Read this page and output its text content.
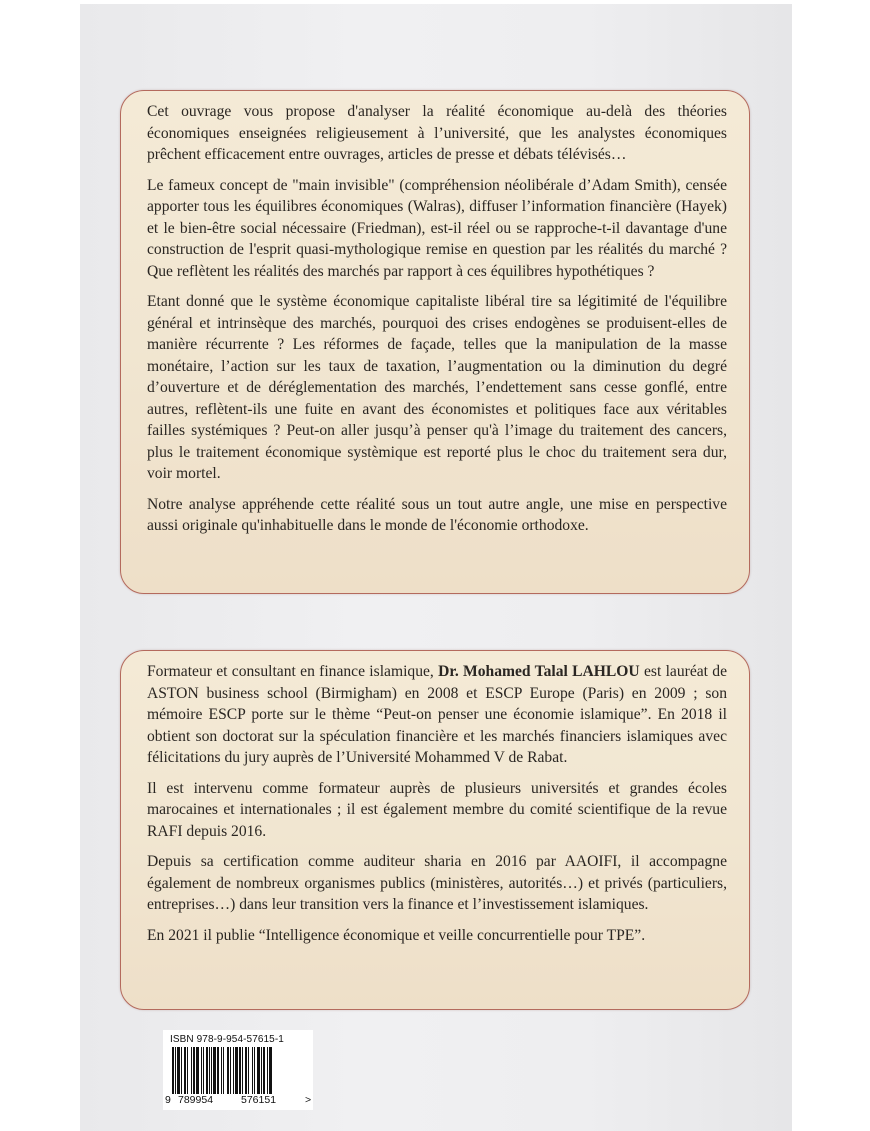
Cet ouvrage vous propose d'analyser la réalité économique au-delà des théories économiques enseignées religieusement à l’université, que les analystes économiques prêchent efficacement entre ouvrages, articles de presse et débats télévisés…

Le fameux concept de "main invisible" (compréhension néolibérale d’Adam Smith), censée apporter tous les équilibres économiques (Walras), diffuser l’information financière (Hayek) et le bien-être social nécessaire (Friedman), est-il réel ou se rapproche-t-il davantage d'une construction de l'esprit quasi-mythologique remise en question par les réalités du marché ? Que reflètent les réalités des marchés par rapport à ces équilibres hypothétiques ?

Etant donné que le système économique capitaliste libéral tire sa légitimité de l'équilibre général et intrinsèque des marchés, pourquoi des crises endogènes se produisent-elles de manière récurrente ? Les réformes de façade, telles que la manipulation de la masse monétaire, l’action sur les taux de taxation, l’augmentation ou la diminution du degré d’ouverture et de déréglementation des marchés, l’endettement sans cesse gonflé, entre autres, reflètent-ils une fuite en avant des économistes et politiques face aux véritables failles systémiques ? Peut-on aller jusqu’à penser qu'à l’image du traitement des cancers, plus le traitement économique systèmique est reporté plus le choc du traitement sera dur, voir mortel.

Notre analyse appréhende cette réalité sous un tout autre angle, une mise en perspective aussi originale qu'inhabituelle dans le monde de l'économie orthodoxe.

Formateur et consultant en finance islamique, Dr. Mohamed Talal LAHLOU est lauréat de ASTON business school (Birmigham) en 2008 et ESCP Europe (Paris) en 2009 ; son mémoire ESCP porte sur le thème “Peut-on penser une économie islamique”. En 2018 il obtient son doctorat sur la spéculation financière et les marchés financiers islamiques avec félicitations du jury auprès de l’Université Mohammed V de Rabat.

Il est intervenu comme formateur auprès de plusieurs universités et grandes écoles marocaines et internationales ; il est également membre du comité scientifique de la revue RAFI depuis 2016.

Depuis sa certification comme auditeur sharia en 2016 par AAOIFI, il accompagne également de nombreux organismes publics (ministères, autorités…) et privés (particuliers, entreprises…) dans leur transition vers la finance et l’investissement islamiques.

En 2021 il publie “Intelligence économique et veille concurrentielle pour TPE”.

ISBN 978-9-954-57615-1
9 789954	576151	>
